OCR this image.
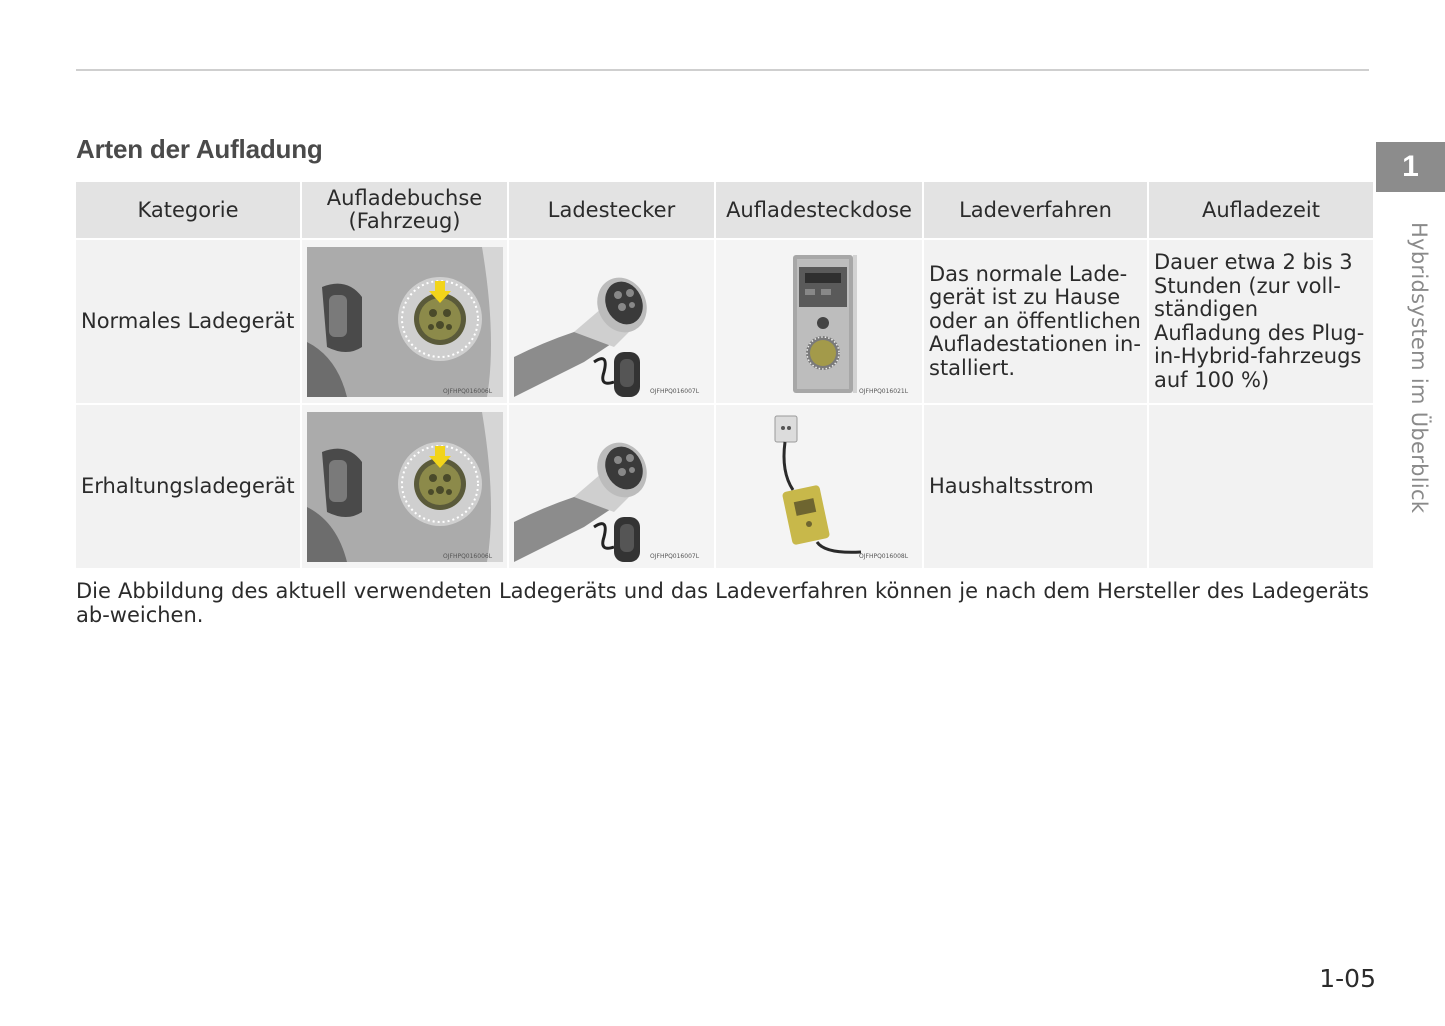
Arten der Aufladung
1
Hybridsystem im Überblick
Kategorie	Aufladebuchse (Fahrzeug)	Ladestecker	Aufladesteckdose	Ladeverfahren	Aufladezeit
Normales Ladegerät	OJFHPQ016006L	OJFHPQ016007L	OJFHPQ016021L	Das normale Lade-gerät ist zu Hause oder an öffentlichen Aufladestationen in-stalliert.	Dauer etwa 2 bis 3 Stunden (zur voll-ständigen Aufladung des Plug-in-Hybrid-fahrzeugs auf 100 %)
Erhaltungsladegerät	OJFHPQ016006L	OJFHPQ016007L	OJFHPQ016008L	Haushaltsstrom	

Die Abbildung des aktuell verwendeten Ladegeräts und das Ladeverfahren können je nach dem Hersteller des Ladegeräts ab-weichen.

1-05
